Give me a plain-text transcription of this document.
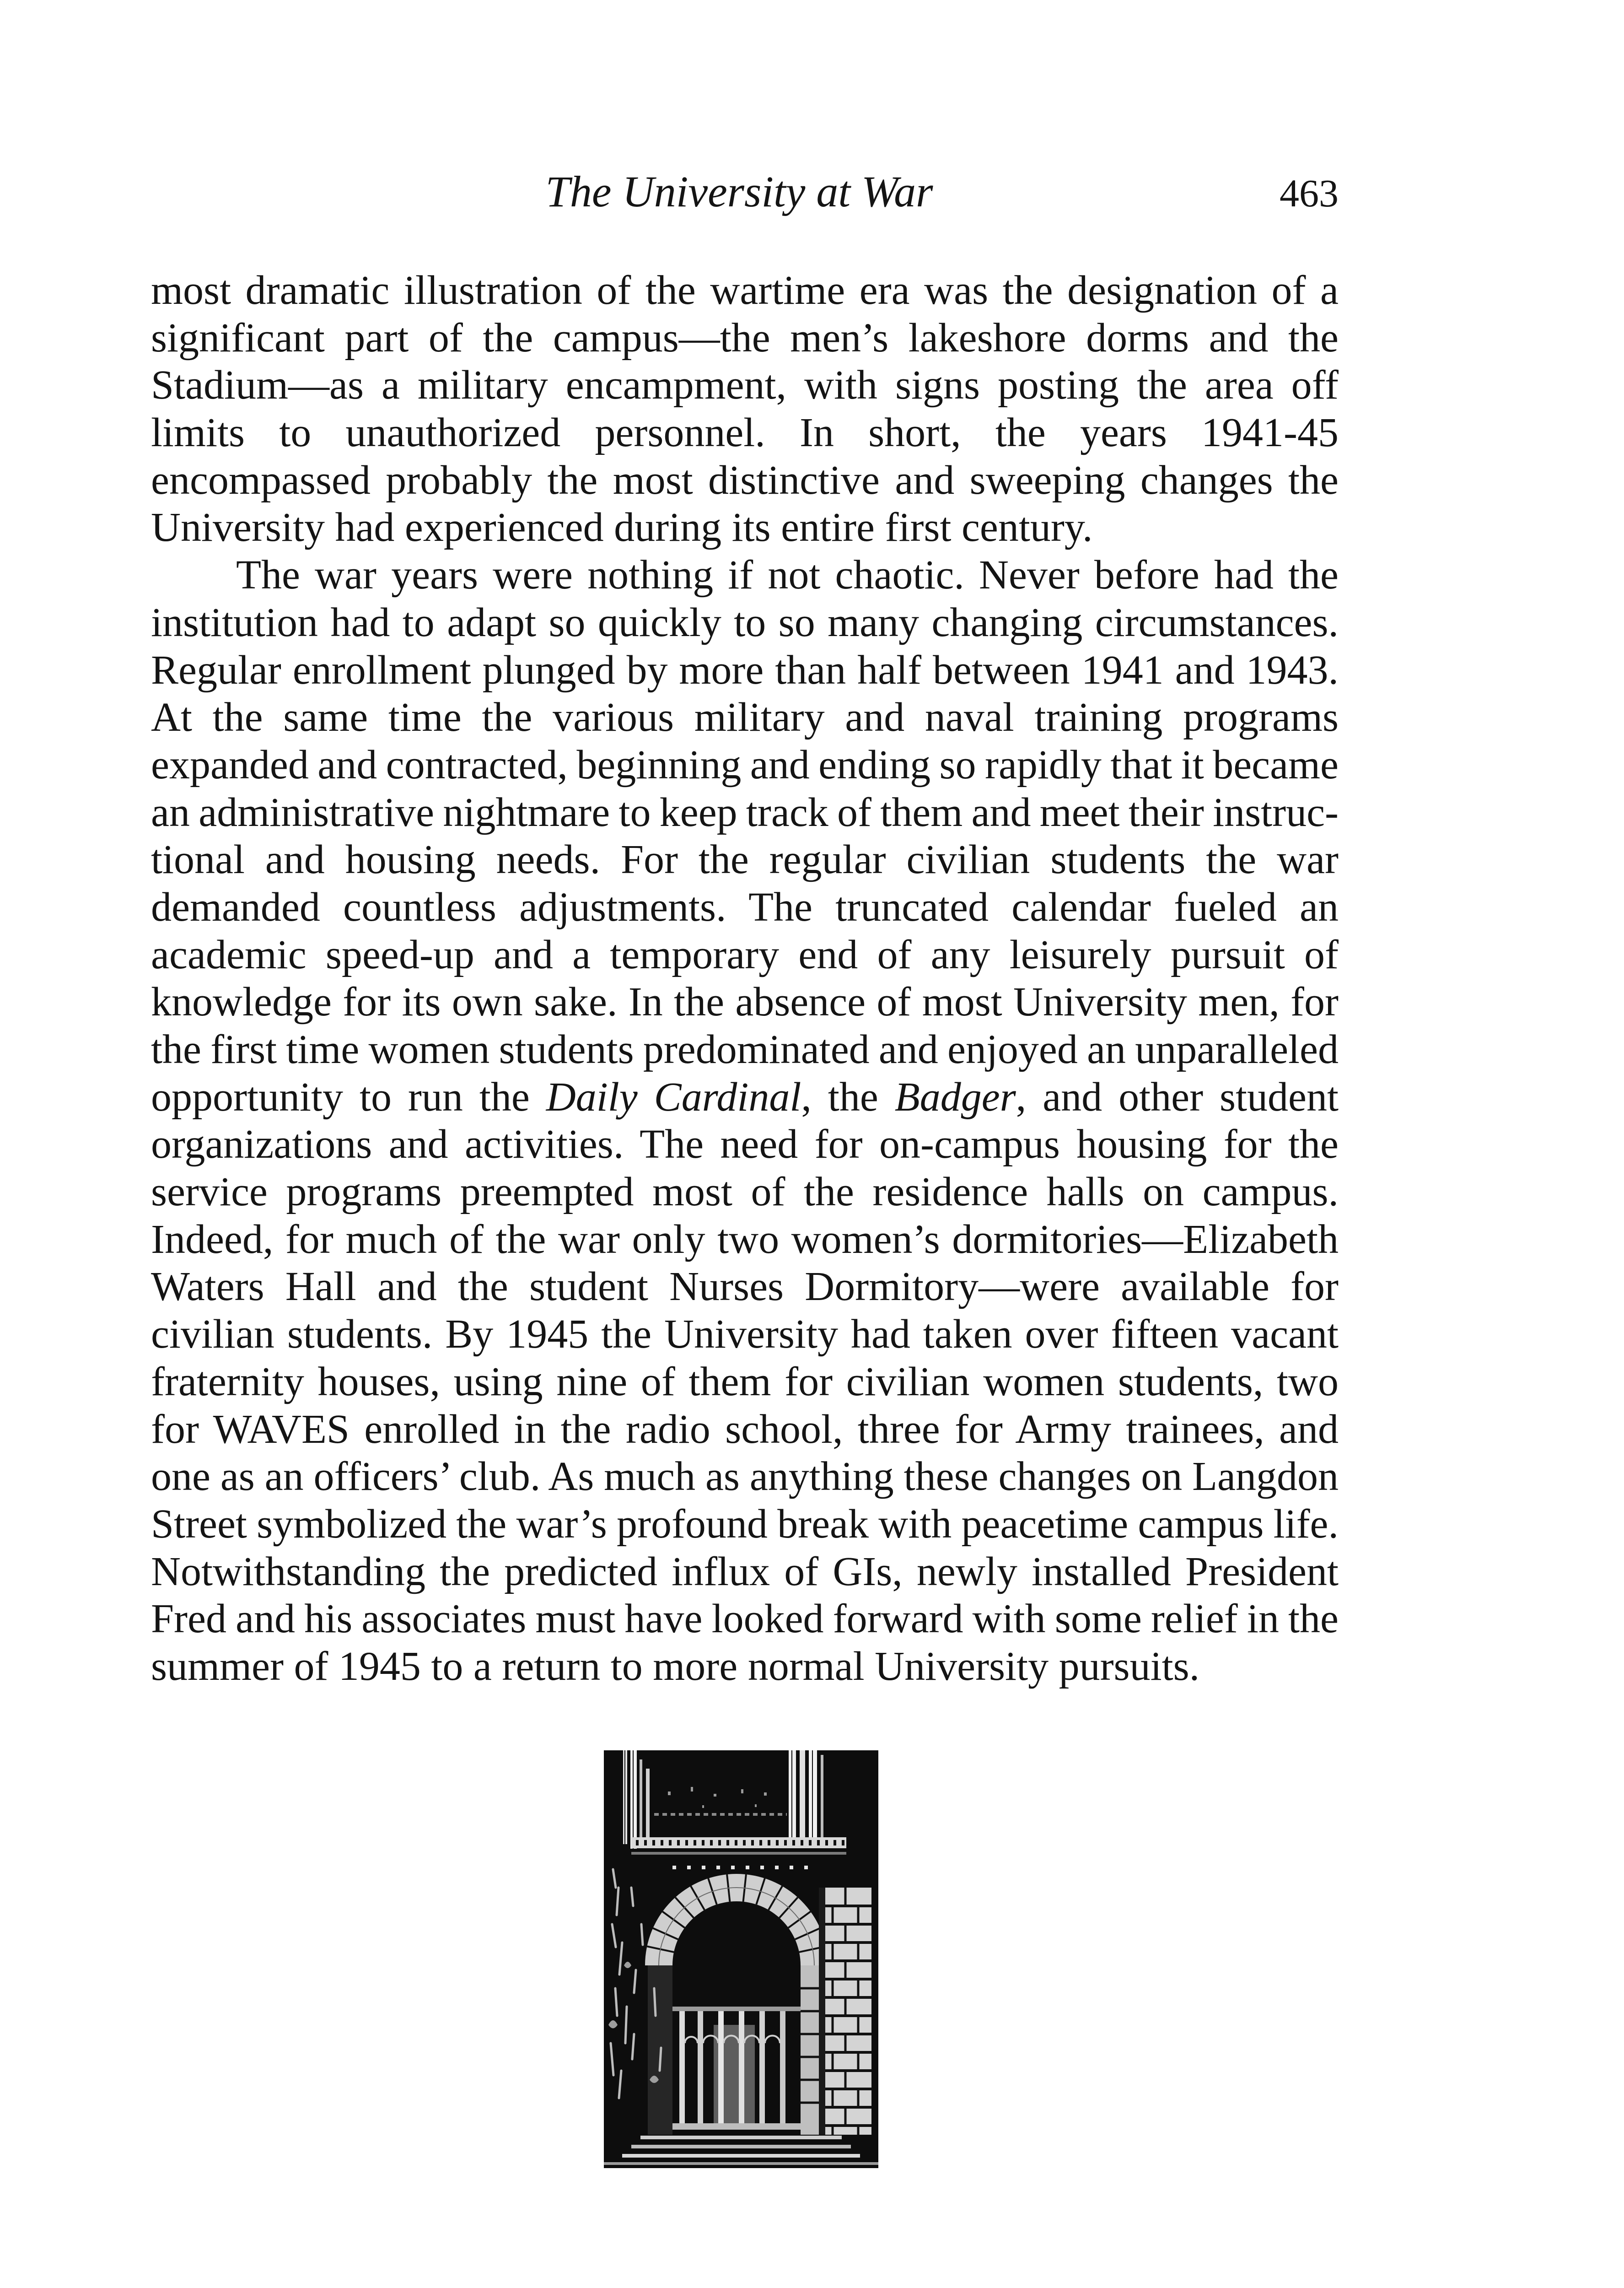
The University at War	463
most dramatic illustration of the wartime era was the designation of a
significant part of the campus—the men’s lakeshore dorms and the
Stadium—as a military encampment, with signs posting the area off
limits to unauthorized personnel. In short, the years 1941-45
encompassed probably the most distinctive and sweeping changes the
University had experienced during its entire first century.
The war years were nothing if not chaotic. Never before had the
institution had to adapt so quickly to so many changing circumstances.
Regular enrollment plunged by more than half between 1941 and 1943.
At the same time the various military and naval training programs
expanded and contracted, beginning and ending so rapidly that it became
an administrative nightmare to keep track of them and meet their instruc-
tional and housing needs. For the regular civilian students the war
demanded countless adjustments. The truncated calendar fueled an
academic speed-up and a temporary end of any leisurely pursuit of
knowledge for its own sake. In the absence of most University men, for
the first time women students predominated and enjoyed an unparalleled
opportunity to run the Daily Cardinal, the Badger, and other student
organizations and activities. The need for on-campus housing for the
service programs preempted most of the residence halls on campus.
Indeed, for much of the war only two women’s dormitories—Elizabeth
Waters Hall and the student Nurses Dormitory—were available for
civilian students. By 1945 the University had taken over fifteen vacant
fraternity houses, using nine of them for civilian women students, two
for WAVES enrolled in the radio school, three for Army trainees, and
one as an officers’ club. As much as anything these changes on Langdon
Street symbolized the war’s profound break with peacetime campus life.
Notwithstanding the predicted influx of GIs, newly installed President
Fred and his associates must have looked forward with some relief in the
summer of 1945 to a return to more normal University pursuits.
